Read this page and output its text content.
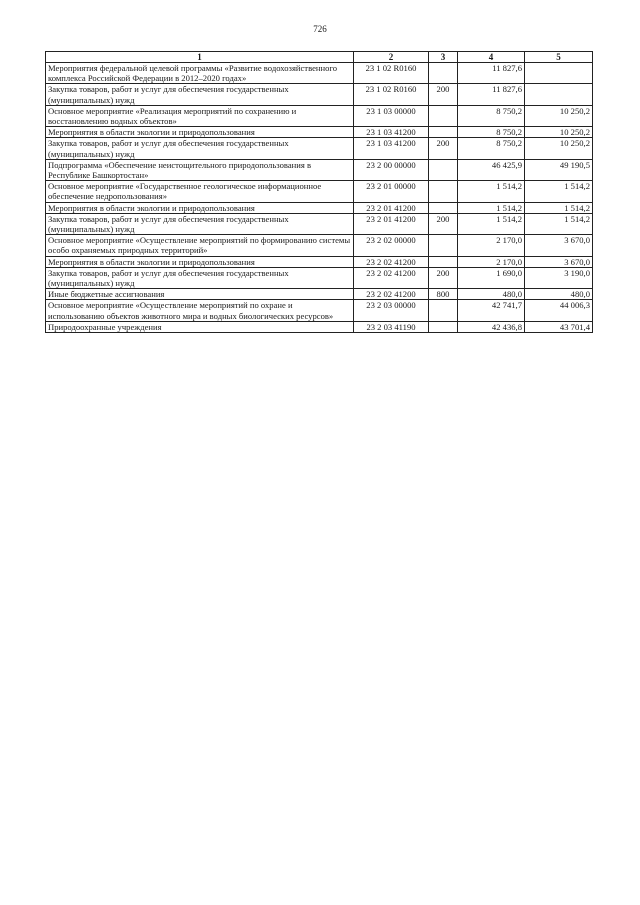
726
1	2	3	4	5
Мероприятия федеральной целевой программы «Развитие водохозяйственного комплекса Российской Федерации в 2012–2020 годах»	23 1 02 R0160		11 827,6	
Закупка товаров, работ и услуг для обеспечения государственных (муниципальных) нужд	23 1 02 R0160	200	11 827,6	
Основное мероприятие «Реализация мероприятий по сохранению и восстановлению водных объектов»	23 1 03 00000		8 750,2	10 250,2
Мероприятия в области экологии и природопользования	23 1 03 41200		8 750,2	10 250,2
Закупка товаров, работ и услуг для обеспечения государственных (муниципальных) нужд	23 1 03 41200	200	8 750,2	10 250,2
Подпрограмма «Обеспечение неистощительного природопользования в Республике Башкортостан»	23 2 00 00000		46 425,9	49 190,5
Основное мероприятие «Государственное геологическое информационное обеспечение недропользования»	23 2 01 00000		1 514,2	1 514,2
Мероприятия в области экологии и природопользования	23 2 01 41200		1 514,2	1 514,2
Закупка товаров, работ и услуг для обеспечения государственных (муниципальных) нужд	23 2 01 41200	200	1 514,2	1 514,2
Основное мероприятие «Осуществление мероприятий по формированию системы особо охраняемых природных территорий»	23 2 02 00000		2 170,0	3 670,0
Мероприятия в области экологии и природопользования	23 2 02 41200		2 170,0	3 670,0
Закупка товаров, работ и услуг для обеспечения государственных (муниципальных) нужд	23 2 02 41200	200	1 690,0	3 190,0
Иные бюджетные ассигнования	23 2 02 41200	800	480,0	480,0
Основное мероприятие «Осуществление мероприятий по охране и использованию объектов животного мира и водных биологических ресурсов»	23 2 03 00000		42 741,7	44 006,3
Природоохранные учреждения	23 2 03 41190		42 436,8	43 701,4
